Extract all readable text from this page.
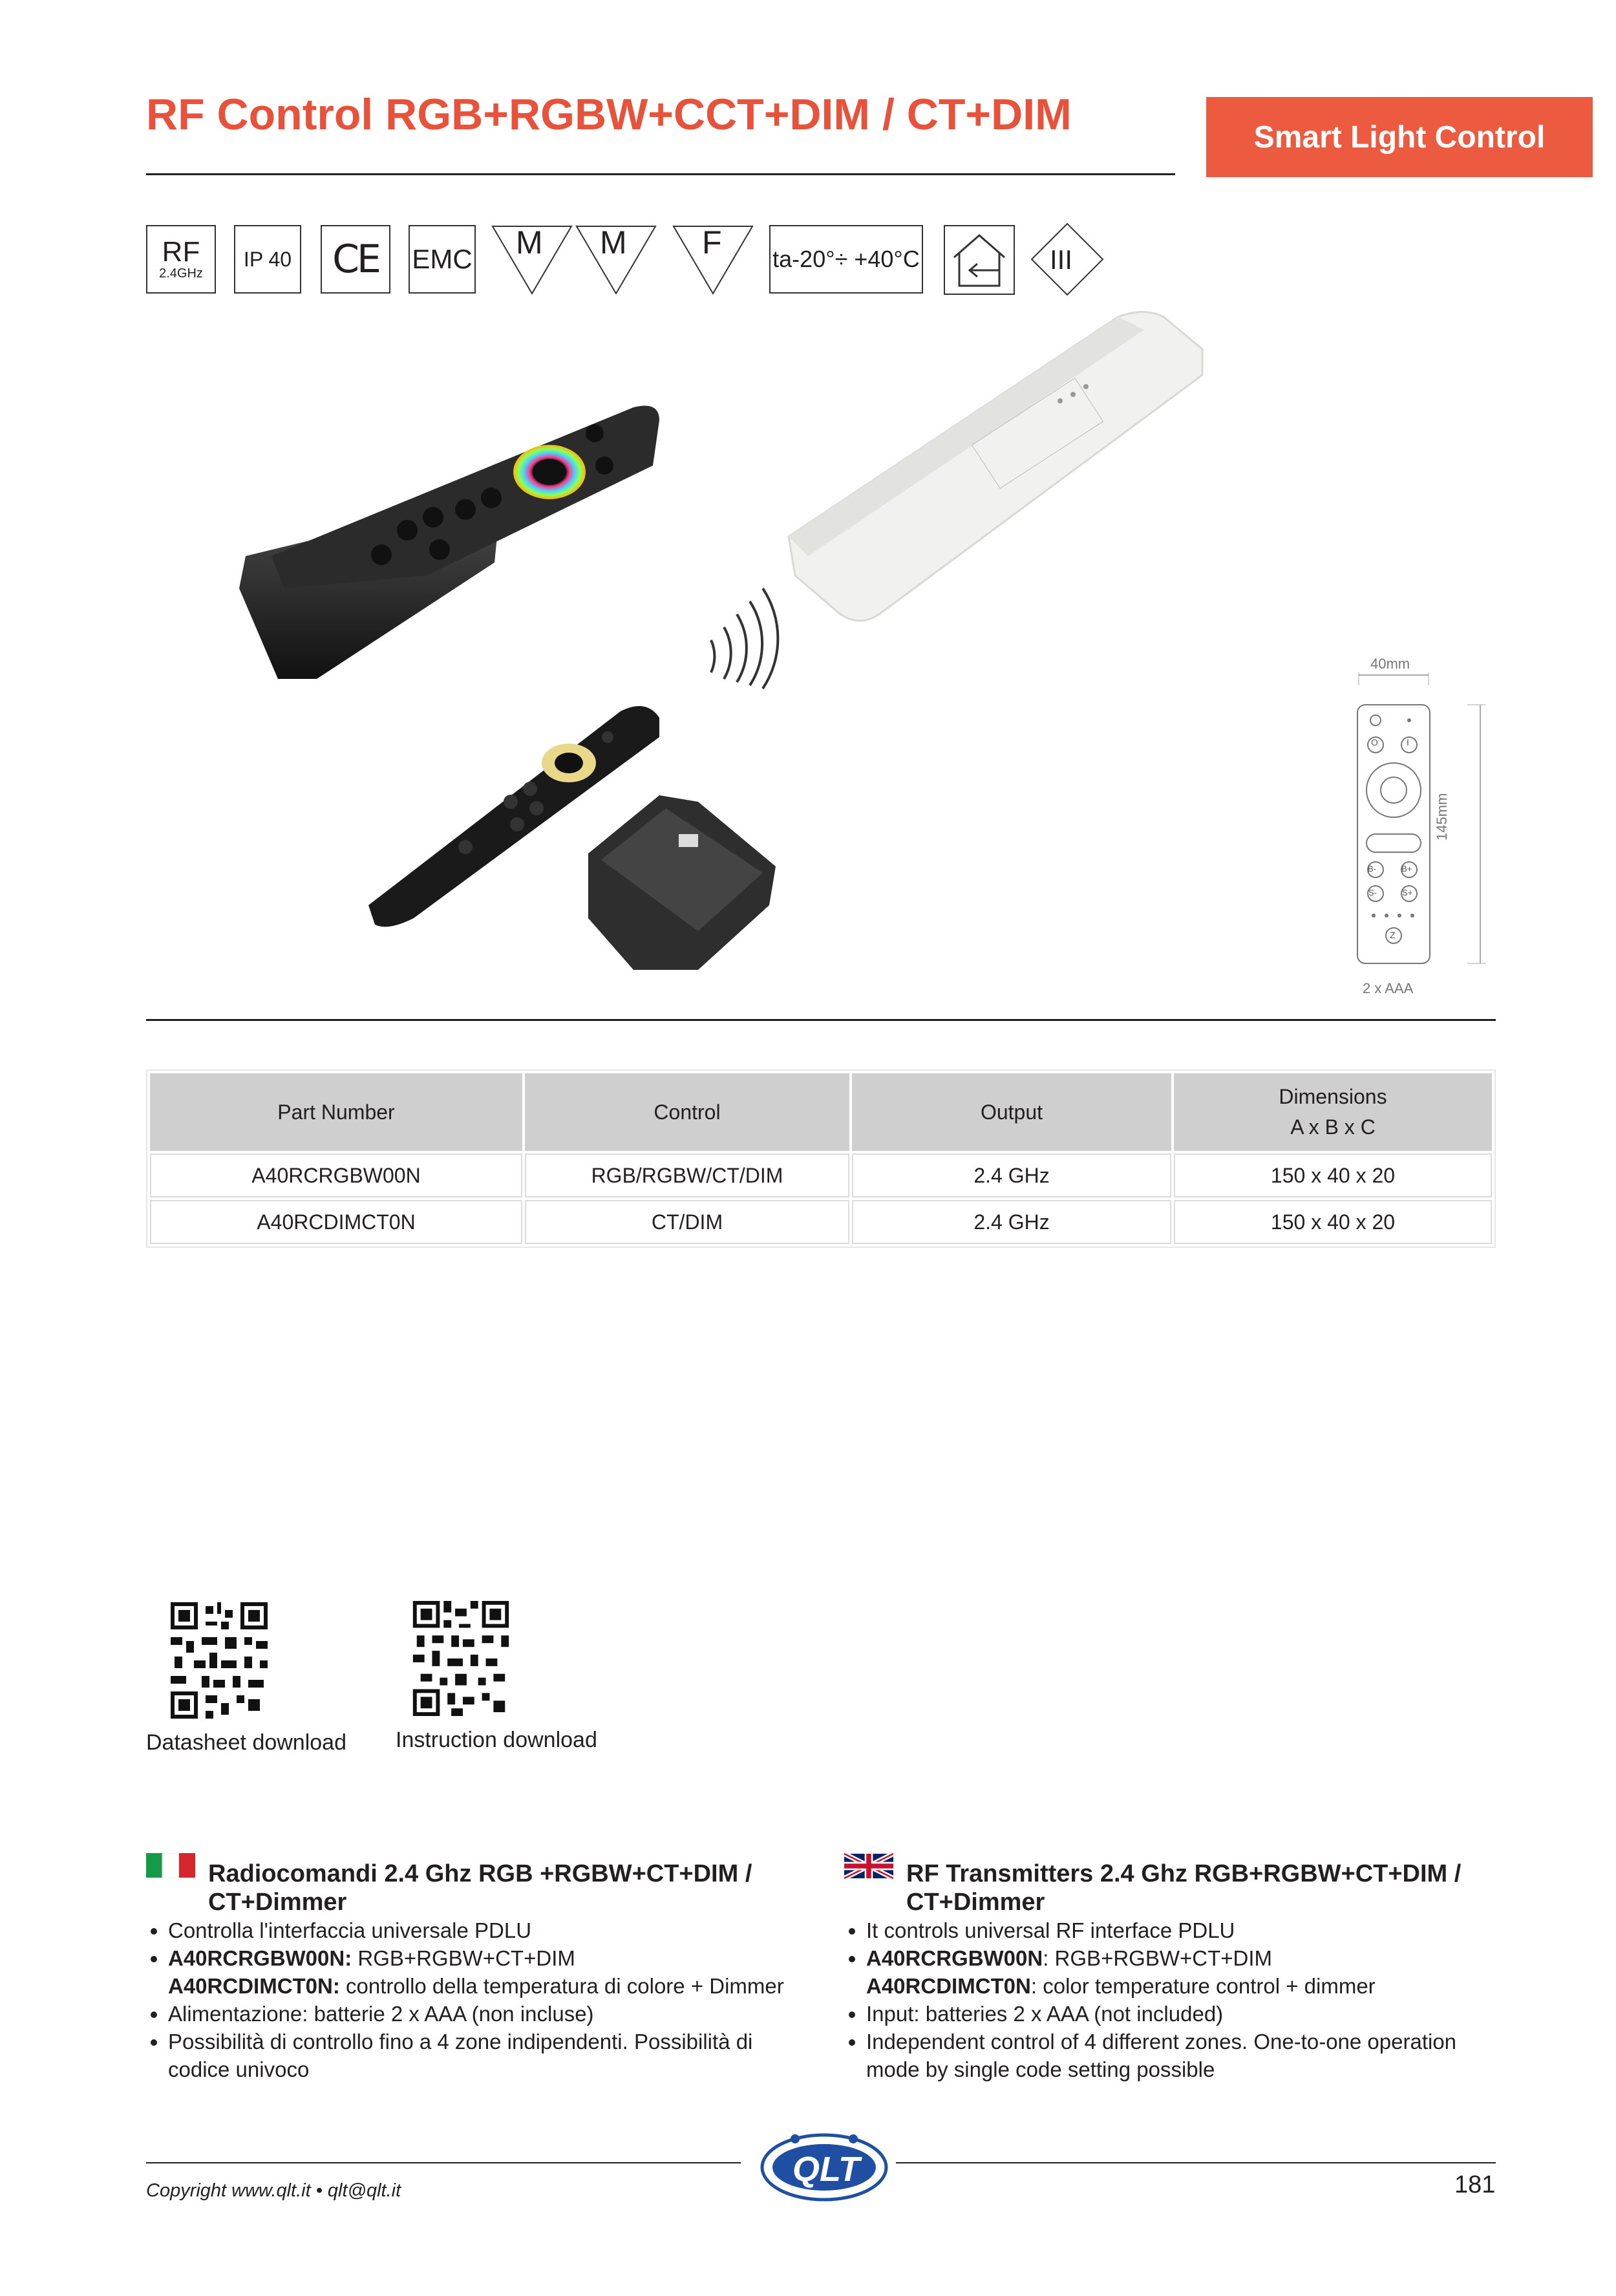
RF Control RGB+RGBW+CCT+DIM / CT+DIM	Smart Light Control
RF
2.4GHz
IP 40	CE	EMC M M F ta-20°÷ +40°C	III
40mm
O	I
B-	B+
S-	S+
Z
145mm
2 x AAA
Part Number	Control	Output	Dimensions
A x B x C

A40RCRGBW00N	RGB/RGBW/CT/DIM	2.4 GHz	150 x 40 x 20
A40RCDIMCT0N	CT/DIM	2.4 GHz	150 x 40 x 20
Datasheet download Instruction download
Radiocomandi 2.4 Ghz RGB +RGBW+CT+DIM / CT+Dimmer
• Controlla l'interfaccia universale PDLU
• A40RCRGBW00N: RGB+RGBW+CT+DIM
A40RCDIMCT0N: controllo della temperatura di colore + Dimmer
• Alimentazione: batterie 2 x AAA (non incluse)
• Possibilità di controllo fino a 4 zone indipendenti. Possibilità di codice univoco
RF Transmitters 2.4 Ghz RGB+RGBW+CT+DIM / CT+Dimmer
• It controls universal RF interface PDLU
• A40RCRGBW00N: RGB+RGBW+CT+DIM
A40RCDIMCT0N: color temperature control + dimmer
• Input: batteries 2 x AAA (not included)
• Independent control of 4 different zones. One-to-one operation mode by single code setting possible
QLT
Copyright www.qlt.it • qlt@qlt.it	181
